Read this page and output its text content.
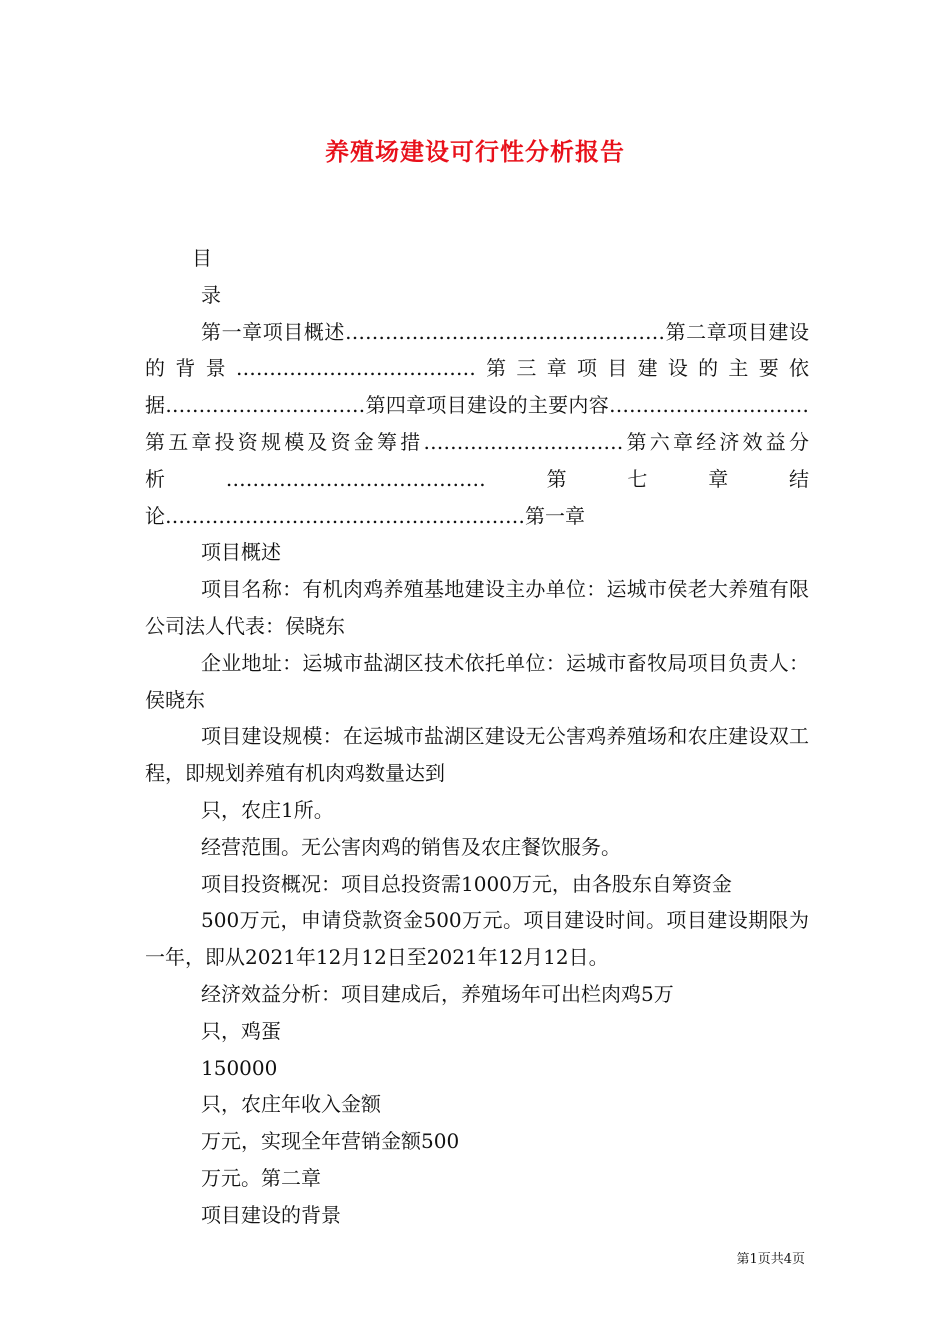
养殖场建设可行性分析报告

目

录

第一章项目概述…………………………………………第二章项目建设的背景………………………………第三章项目建设的主要依据…………………………第四章项目建设的主要内容…………………………第五章投资规模及资金筹措…………………………第六章经济效益分析…………………………………第七章结论………………………………………………第一章

项目概述

项目名称：有机肉鸡养殖基地建设主办单位：运城市侯老大养殖有限公司法人代表：侯晓东

企业地址：运城市盐湖区技术依托单位：运城市畜牧局项目负责人：侯晓东

项目建设规模：在运城市盐湖区建设无公害鸡养殖场和农庄建设双工程，即规划养殖有机肉鸡数量达到

只，农庄1所。

经营范围。无公害肉鸡的销售及农庄餐饮服务。

项目投资概况：项目总投资需1000万元，由各股东自筹资金

500万元，申请贷款资金500万元。项目建设时间。项目建设期限为一年，即从2021年12月12日至2021年12月12日。

经济效益分析：项目建成后，养殖场年可出栏肉鸡5万

只，鸡蛋

150000

只，农庄年收入金额

万元，实现全年营销金额500

万元。第二章

项目建设的背景

第1页共4页
